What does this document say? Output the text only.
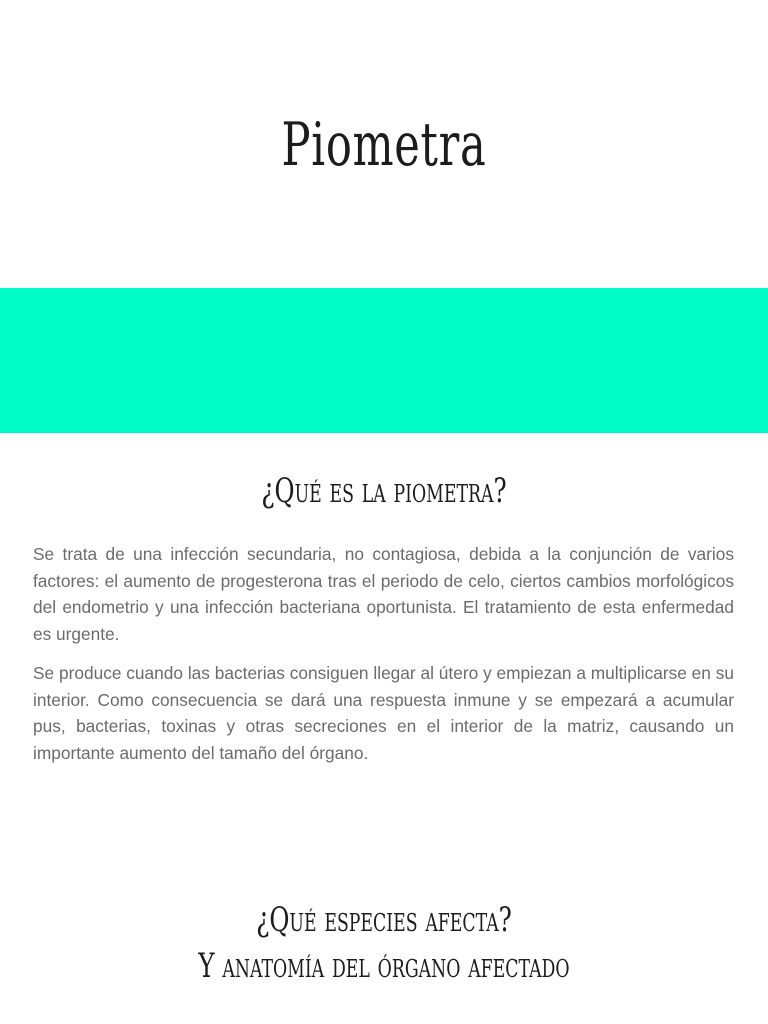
Piometra
¿Qué es la piometra?

Se trata de una infección secundaria, no contagiosa, debida a la conjunción de varios factores: el aumento de progesterona tras el periodo de celo, ciertos cambios morfológicos del endometrio y una infección bacteriana oportunista. El tratamiento de esta enfermedad es urgente.

Se produce cuando las bacterias consiguen llegar al útero y empiezan a multiplicarse en su interior. Como consecuencia se dará una respuesta inmune y se empezará a acumular pus, bacterias, toxinas y otras secreciones en el interior de la matriz, causando un importante aumento del tamaño del órgano.

¿Qué especies afecta?
Y anatomía del órgano afectado
